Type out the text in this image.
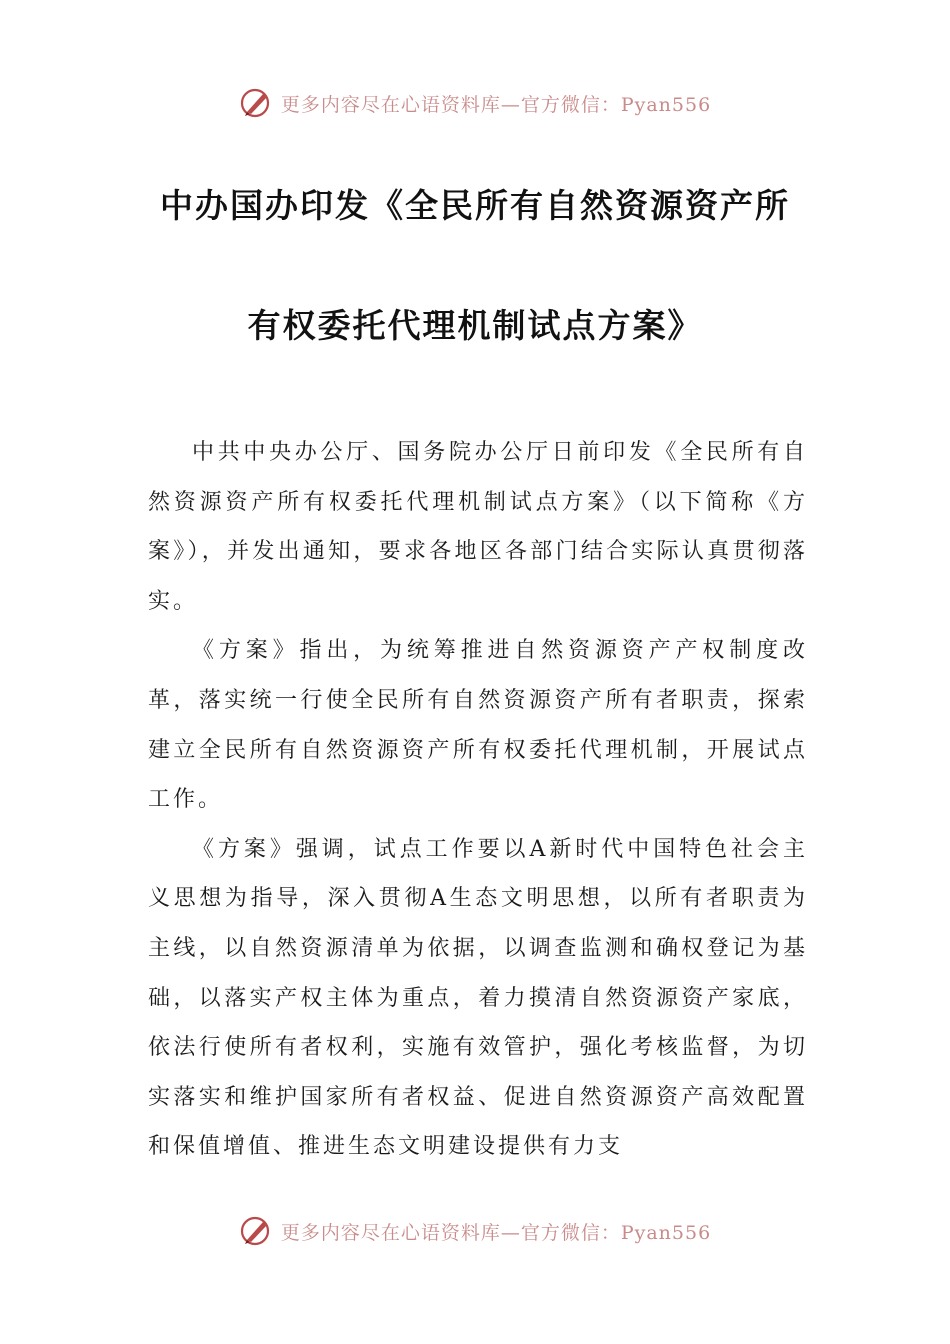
更多内容尽在心语资料库—官方微信：Pyan556
中办国办印发《全民所有自然资源资产所
有权委托代理机制试点方案》

中共中央办公厅、国务院办公厅日前印发《全民所有自然资源资产所有权委托代理机制试点方案》（以下简称《方案》），并发出通知，要求各地区各部门结合实际认真贯彻落实。

《方案》指出，为统筹推进自然资源资产产权制度改革，落实统一行使全民所有自然资源资产所有者职责，探索建立全民所有自然资源资产所有权委托代理机制，开展试点工作。

《方案》强调，试点工作要以A新时代中国特色社会主义思想为指导，深入贯彻A生态文明思想，以所有者职责为主线，以自然资源清单为依据，以调查监测和确权登记为基础，以落实产权主体为重点，着力摸清自然资源资产家底，依法行使所有者权利，实施有效管护，强化考核监督，为切实落实和维护国家所有者权益、促进自然资源资产高效配置和保值增值、推进生态文明建设提供有力支

更多内容尽在心语资料库—官方微信：Pyan556
